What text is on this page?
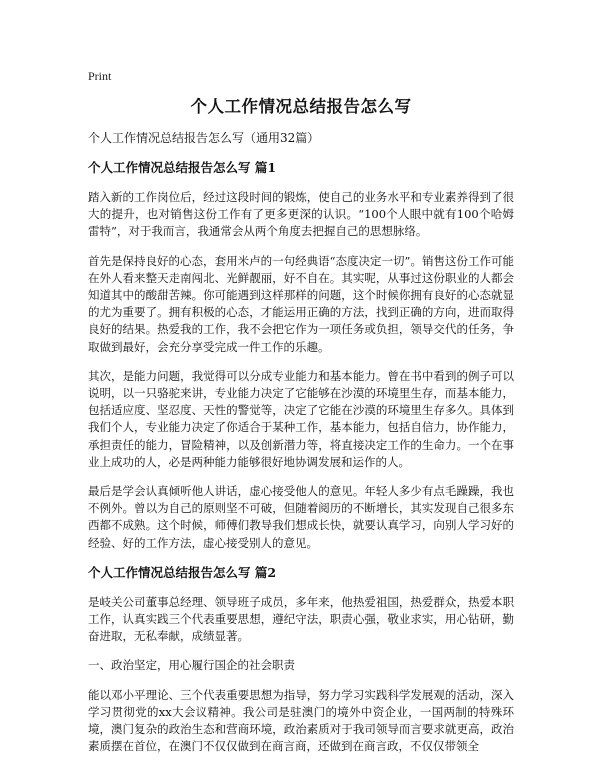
Print
个人工作情况总结报告怎么写

个人工作情况总结报告怎么写（通用32篇）

个人工作情况总结报告怎么写 篇1

踏入新的工作岗位后，经过这段时间的锻炼，使自己的业务水平和专业素养得到了很大的提升，也对销售这份工作有了更多更深的认识。“100个人眼中就有100个哈姆雷特”，对于我而言，我通常会从两个角度去把握自己的思想脉络。

首先是保持良好的心态，套用米卢的一句经典语“态度决定一切”。销售这份工作可能在外人看来整天走南闯北、光鲜靓丽，好不自在。其实呢，从事过这份职业的人都会知道其中的酸甜苦辣。你可能遇到这样那样的问题，这个时候你拥有良好的心态就显的尤为重要了。拥有积极的心态，才能运用正确的方法，找到正确的方向，进而取得良好的结果。热爱我的工作，我不会把它作为一项任务或负担，领导交代的任务，争取做到最好，会充分享受完成一件工作的乐趣。

其次，是能力问题，我觉得可以分成专业能力和基本能力。曾在书中看到的例子可以说明，以一只骆驼来讲，专业能力决定了它能够在沙漠的环境里生存，而基本能力，包括适应度、坚忍度、天性的警觉等，决定了它能在沙漠的环境里生存多久。具体到我们个人，专业能力决定了你适合于某种工作，基本能力，包括自信力，协作能力，承担责任的能力，冒险精神，以及创新潜力等，将直接决定工作的生命力。一个在事业上成功的人，必是两种能力能够很好地协调发展和运作的人。

最后是学会认真倾听他人讲话，虚心接受他人的意见。年轻人多少有点毛躁躁，我也不例外。曾以为自己的原则坚不可破，但随着阅历的不断增长，其实发现自己很多东西都不成熟。这个时候，师傅们教导我们想成长快，就要认真学习，向别人学习好的经验、好的工作方法，虚心接受别人的意见。

个人工作情况总结报告怎么写 篇2

是岐关公司董事总经理、领导班子成员，多年来，他热爱祖国，热爱群众，热爱本职工作，认真实践三个代表重要思想，遵纪守法，职责心强，敬业求实，用心钻研，勤奋进取，无私奉献，成绩显著。

一、政治坚定，用心履行国企的社会职责

能以邓小平理论、三个代表重要思想为指导，努力学习实践科学发展观的活动，深入学习贯彻党的xx大会议精神。我公司是驻澳门的境外中资企业，一国两制的特殊环境，澳门复杂的政治生态和营商环境，政治素质对于我司领导而言要求就更高，政治素质摆在首位，在澳门不仅仅做到在商言商，还做到在商言政，不仅仅带领全
